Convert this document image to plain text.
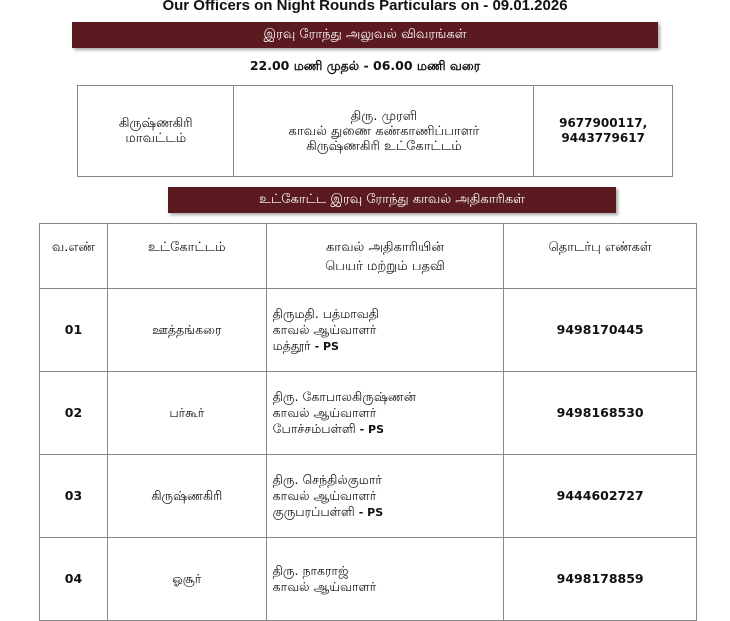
Our Officers on Night Rounds Particulars on - 09.01.2026
இரவு ரோந்து அலுவல் விவரங்கள்
22.00 மணி முதல் - 06.00 மணி வரை
கிருஷ்ணகிரி
மாவட்டம்

திரு. முரளி
காவல் துணை கண்காணிப்பாளர்
கிருஷ்ணகிரி உட்கோட்டம்

9677900117,
9443779617
உட்கோட்ட இரவு ரோந்து காவல் அதிகாரிகள்
வ.எண்	உட்கோட்டம்	காவல் அதிகாரியின்
பெயர் மற்றும் பதவி	தொடர்பு எண்கள்
01	ஊத்தங்கரை	திருமதி. பத்மாவதி
காவல் ஆய்வாளர்
மத்தூர் - PS	9498170445
02	பர்கூர்	திரு. கோபாலகிருஷ்ணன்
காவல் ஆய்வாளர்
போச்சம்பள்ளி - PS	9498168530
03	கிருஷ்ணகிரி	திரு. செந்தில்குமார்
காவல் ஆய்வாளர்
குருபரப்பள்ளி - PS	9444602727
04	ஓசூர்	திரு. நாகராஜ்
காவல் ஆய்வாளர்	9498178859
